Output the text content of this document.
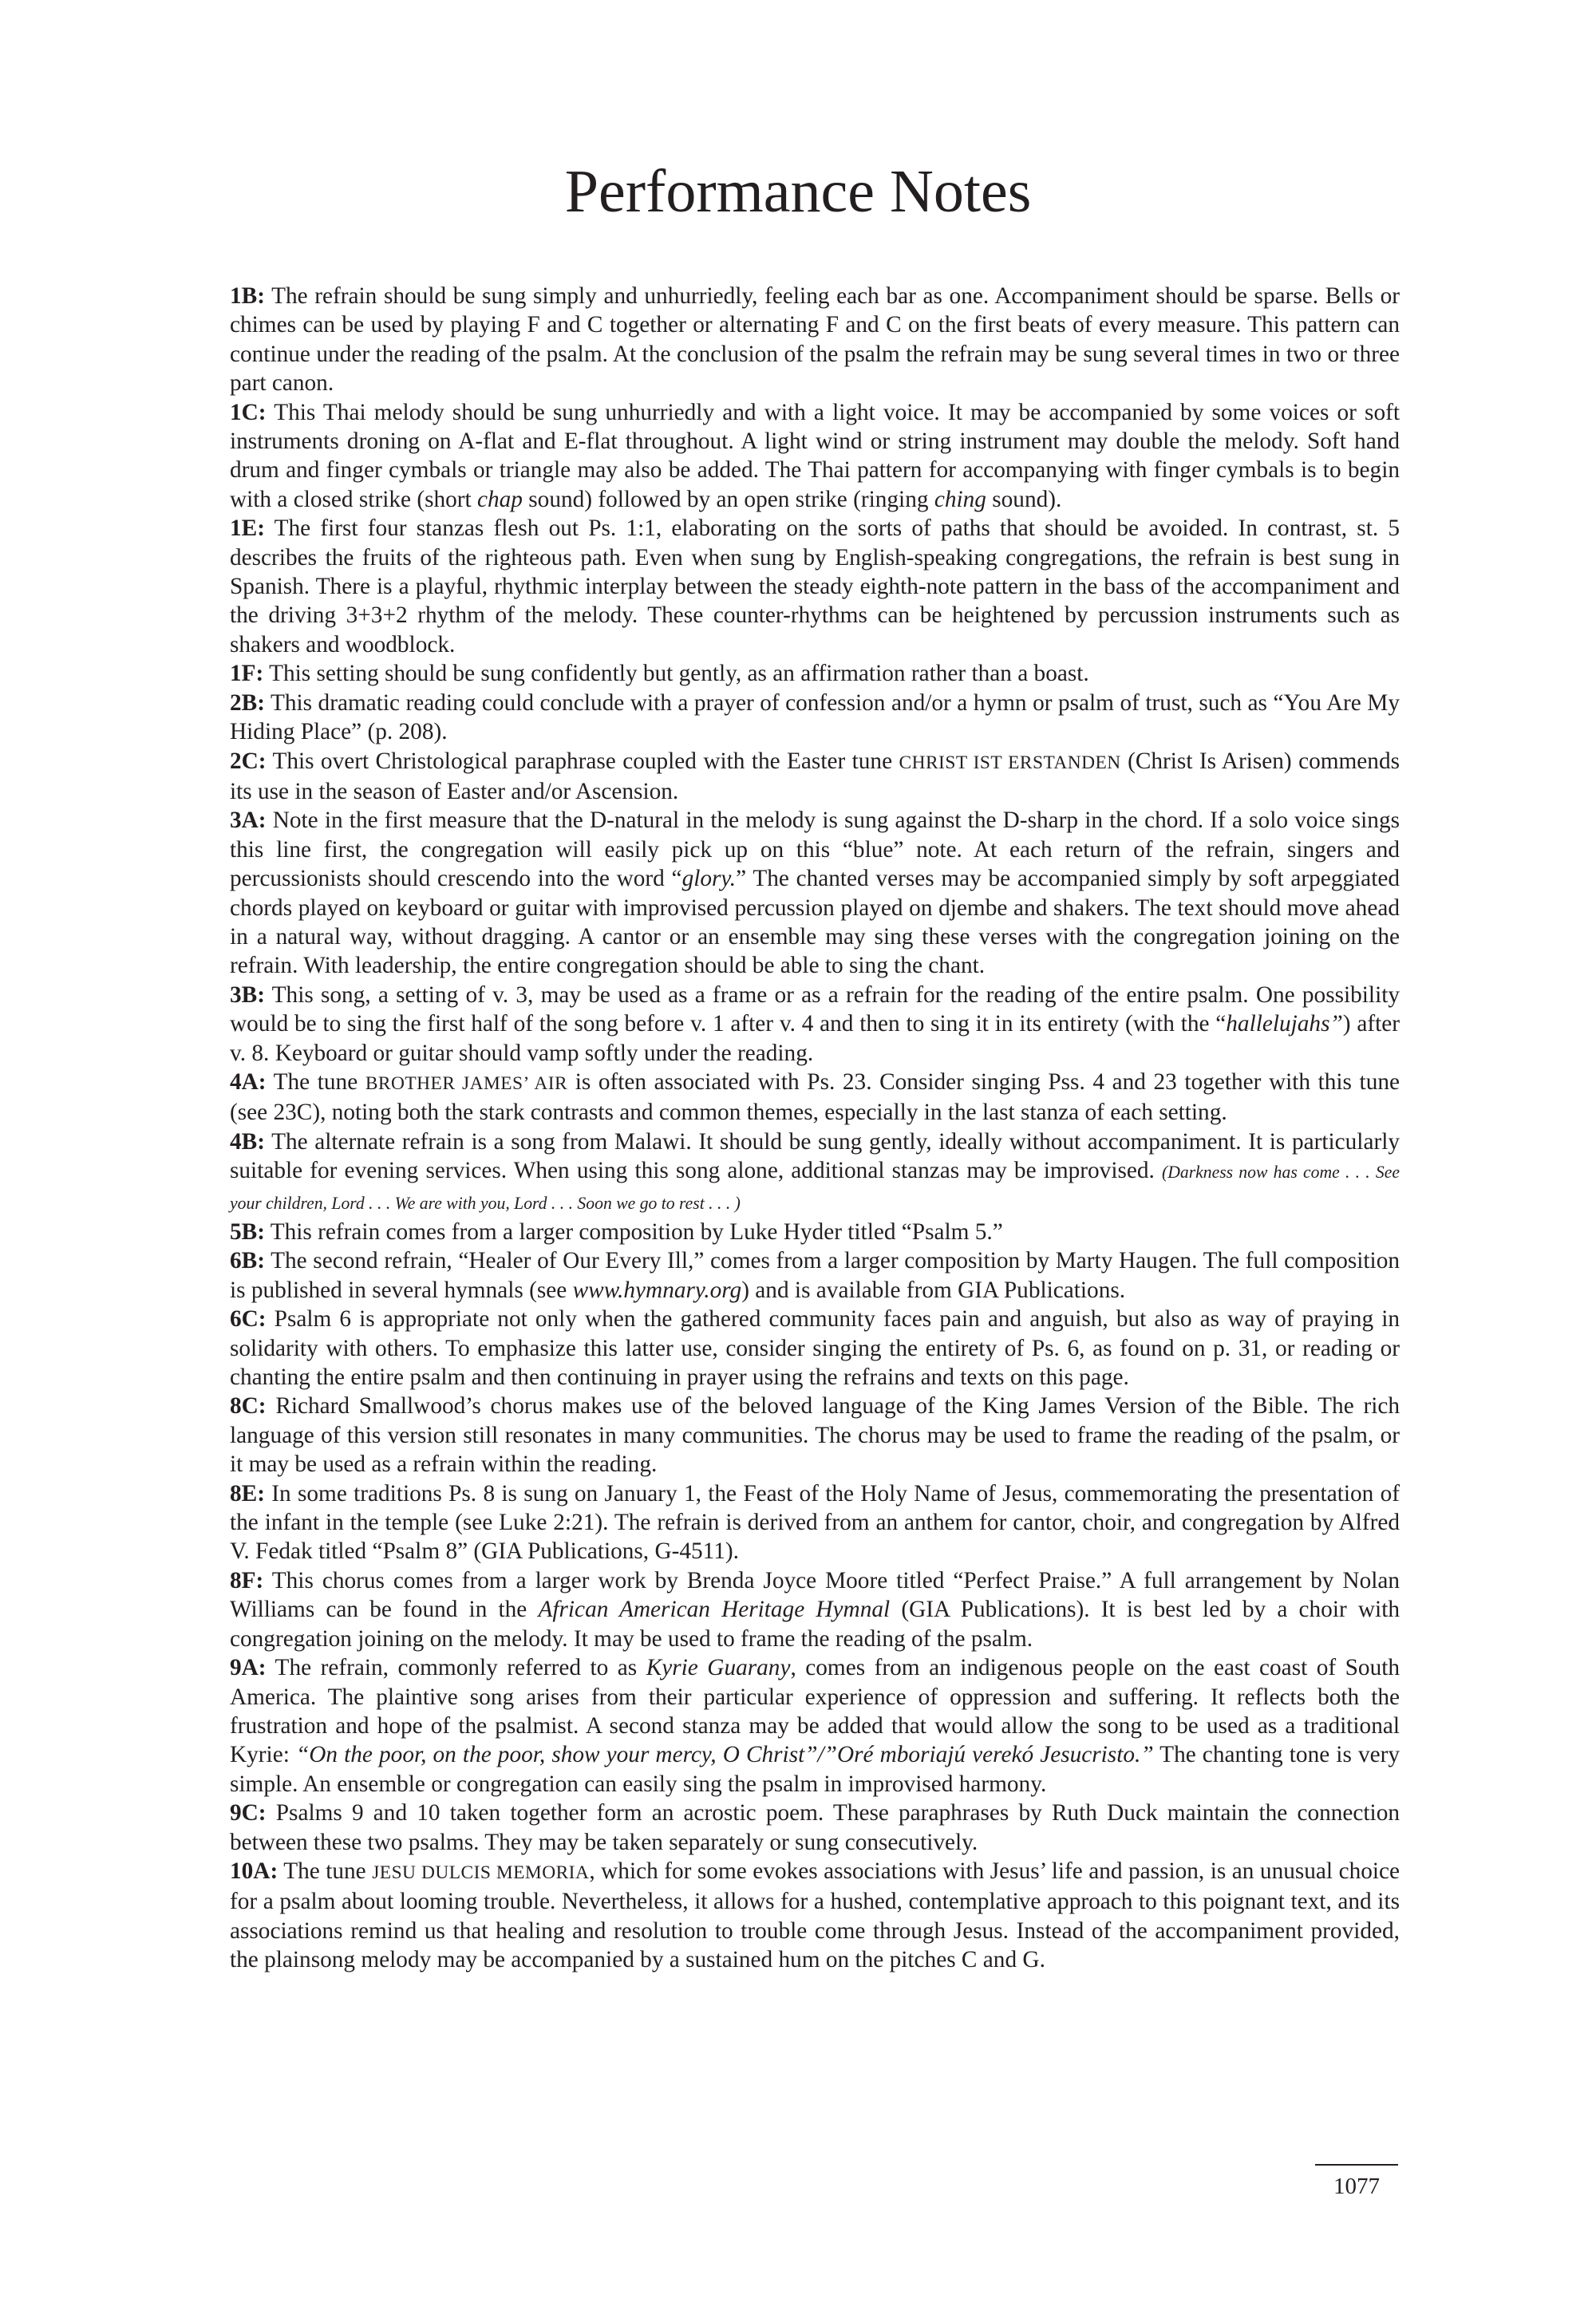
Performance Notes

1B: The refrain should be sung simply and unhurriedly, feeling each bar as one. Accompaniment should be sparse. Bells or chimes can be used by playing F and C together or alternating F and C on the first beats of every measure. This pattern can continue under the reading of the psalm. At the conclusion of the psalm the refrain may be sung several times in two or three part canon.

1C: This Thai melody should be sung unhurriedly and with a light voice. It may be accompanied by some voices or soft instruments droning on A-flat and E-flat throughout. A light wind or string instrument may double the melody. Soft hand drum and finger cymbals or triangle may also be added. The Thai pattern for accompanying with finger cymbals is to begin with a closed strike (short chap sound) followed by an open strike (ringing ching sound).

1E: The first four stanzas flesh out Ps. 1:1, elaborating on the sorts of paths that should be avoided. In contrast, st. 5 describes the fruits of the righteous path. Even when sung by English-speaking congregations, the refrain is best sung in Spanish. There is a playful, rhythmic interplay between the steady eighth-note pattern in the bass of the accompaniment and the driving 3+3+2 rhythm of the melody. These counter-rhythms can be heightened by percussion instruments such as shakers and woodblock.

1F: This setting should be sung confidently but gently, as an affirmation rather than a boast.

2B: This dramatic reading could conclude with a prayer of confession and/or a hymn or psalm of trust, such as “You Are My Hiding Place” (p. 208).

2C: This overt Christological paraphrase coupled with the Easter tune CHRIST IST ERSTANDEN (Christ Is Arisen) commends its use in the season of Easter and/or Ascension.

3A: Note in the first measure that the D-natural in the melody is sung against the D-sharp in the chord. If a solo voice sings this line first, the congregation will easily pick up on this “blue” note. At each return of the refrain, singers and percussionists should crescendo into the word “glory.” The chanted verses may be accompanied simply by soft arpeggiated chords played on keyboard or guitar with improvised percussion played on djembe and shakers. The text should move ahead in a natural way, without dragging. A cantor or an ensemble may sing these verses with the congregation joining on the refrain. With leadership, the entire congregation should be able to sing the chant.

3B: This song, a setting of v. 3, may be used as a frame or as a refrain for the reading of the entire psalm. One possibility would be to sing the first half of the song before v. 1 after v. 4 and then to sing it in its entirety (with the “hallelujahs”) after v. 8. Keyboard or guitar should vamp softly under the reading.

4A: The tune BROTHER JAMES’ AIR is often associated with Ps. 23. Consider singing Pss. 4 and 23 together with this tune (see 23C), noting both the stark contrasts and common themes, especially in the last stanza of each setting.

4B: The alternate refrain is a song from Malawi. It should be sung gently, ideally without accompaniment. It is particularly suitable for evening services. When using this song alone, additional stanzas may be improvised. (Darkness now has come . . . See your children, Lord . . . We are with you, Lord . . . Soon we go to rest . . . )

5B: This refrain comes from a larger composition by Luke Hyder titled “Psalm 5.”

6B: The second refrain, “Healer of Our Every Ill,” comes from a larger composition by Marty Haugen. The full composition is published in several hymnals (see www.hymnary.org) and is available from GIA Publications.

6C: Psalm 6 is appropriate not only when the gathered community faces pain and anguish, but also as way of praying in solidarity with others. To emphasize this latter use, consider singing the entirety of Ps. 6, as found on p. 31, or reading or chanting the entire psalm and then continuing in prayer using the refrains and texts on this page.

8C: Richard Smallwood’s chorus makes use of the beloved language of the King James Version of the Bible. The rich language of this version still resonates in many communities. The chorus may be used to frame the reading of the psalm, or it may be used as a refrain within the reading.

8E: In some traditions Ps. 8 is sung on January 1, the Feast of the Holy Name of Jesus, commemorating the presentation of the infant in the temple (see Luke 2:21). The refrain is derived from an anthem for cantor, choir, and congregation by Alfred V. Fedak titled “Psalm 8” (GIA Publications, G-4511).

8F: This chorus comes from a larger work by Brenda Joyce Moore titled “Perfect Praise.” A full arrangement by Nolan Williams can be found in the African American Heritage Hymnal (GIA Publications). It is best led by a choir with congregation joining on the melody. It may be used to frame the reading of the psalm.

9A: The refrain, commonly referred to as Kyrie Guarany, comes from an indigenous people on the east coast of South America. The plaintive song arises from their particular experience of oppression and suffering. It reflects both the frustration and hope of the psalmist. A second stanza may be added that would allow the song to be used as a traditional Kyrie: “On the poor, on the poor, show your mercy, O Christ”/”Oré mboriajú verekó Jesucristo.” The chanting tone is very simple. An ensemble or congregation can easily sing the psalm in improvised harmony.

9C: Psalms 9 and 10 taken together form an acrostic poem. These paraphrases by Ruth Duck maintain the connection between these two psalms. They may be taken separately or sung consecutively.

10A: The tune JESU DULCIS MEMORIA, which for some evokes associations with Jesus’ life and passion, is an unusual choice for a psalm about looming trouble. Nevertheless, it allows for a hushed, contemplative approach to this poignant text, and its associations remind us that healing and resolution to trouble come through Jesus. Instead of the accompaniment provided, the plainsong melody may be accompanied by a sustained hum on the pitches C and G.

1077
